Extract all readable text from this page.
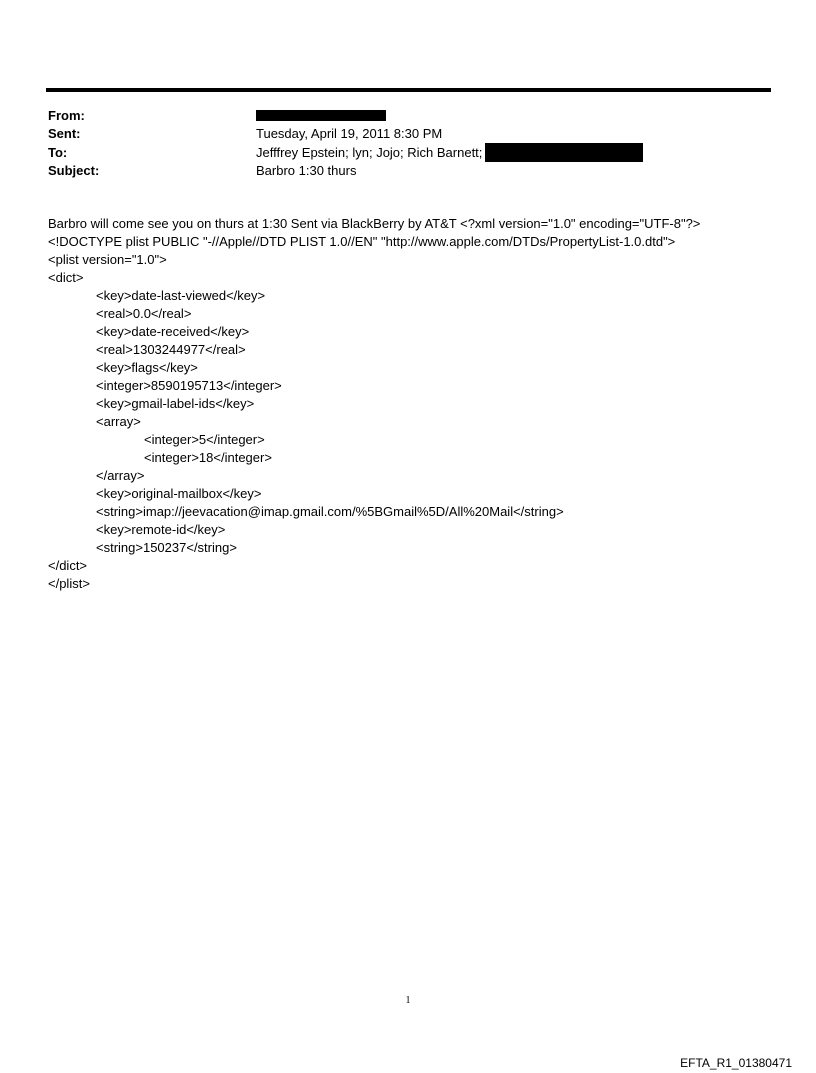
From:
Sent:	Tuesday, April 19, 2011 8:30 PM
To:	Jefffrey Epstein; lyn; Jojo; Rich Barnett;
Subject:	Barbro 1:30 thurs
Barbro will come see you on thurs at 1:30 Sent via BlackBerry by AT&T <?xml version="1.0" encoding="UTF-8"?>
<!DOCTYPE plist PUBLIC "-//Apple//DTD PLIST 1.0//EN" "http://www.apple.com/DTDs/PropertyList-1.0.dtd">
<plist version="1.0">
<dict>
<key>date-last-viewed</key>
<real>0.0</real>
<key>date-received</key>
<real>1303244977</real>
<key>flags</key>
<integer>8590195713</integer>
<key>gmail-label-ids</key>
<array>
<integer>5</integer>
<integer>18</integer>
</array>
<key>original-mailbox</key>
<string>imap://jeevacation@imap.gmail.com/%5BGmail%5D/All%20Mail</string>
<key>remote-id</key>
<string>150237</string>
</dict>
</plist>
1
EFTA_R1_01380471
